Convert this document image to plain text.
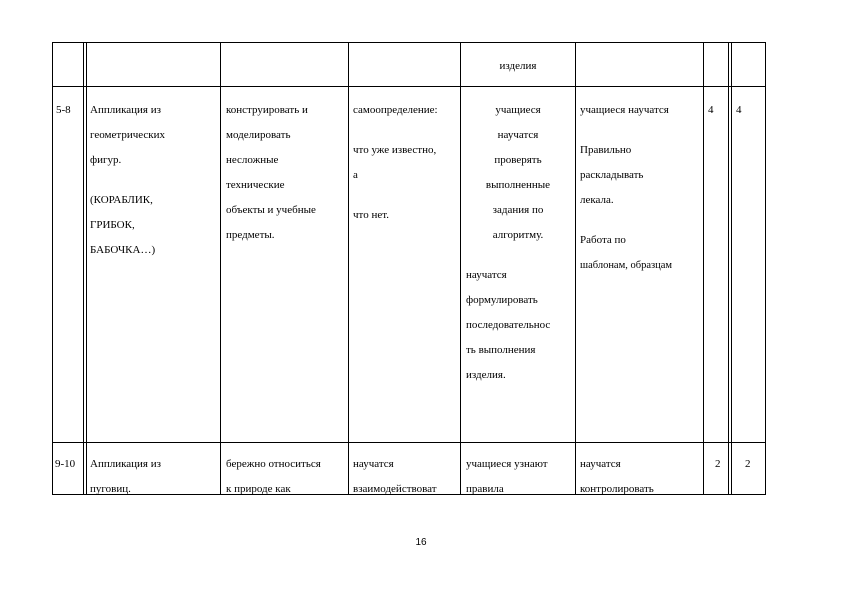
изделия
5-8 Аппликация из
геометрических
фигур.
(КОРАБЛИК,
ГРИБОК,
БАБОЧКА…)
конструировать и
моделировать
несложные
технические
объекты и учебные
предметы.
самоопределение:
что уже известно,
а
что нет.
учащиеся
научатся
проверять
выполненные
задания по
алгоритму.
научатся
формулировать
последовательнос
ть выполнения
изделия.
учащиеся научатся
Правильно
раскладывать
лекала.
Работа по
шаблонам, образцам
4 4
9-10 Аппликация из
пуговиц.
бережно относиться
к природе как
научатся
взаимодействоват
учащиеся узнают
правила
научатся
контролировать
2 2
16
